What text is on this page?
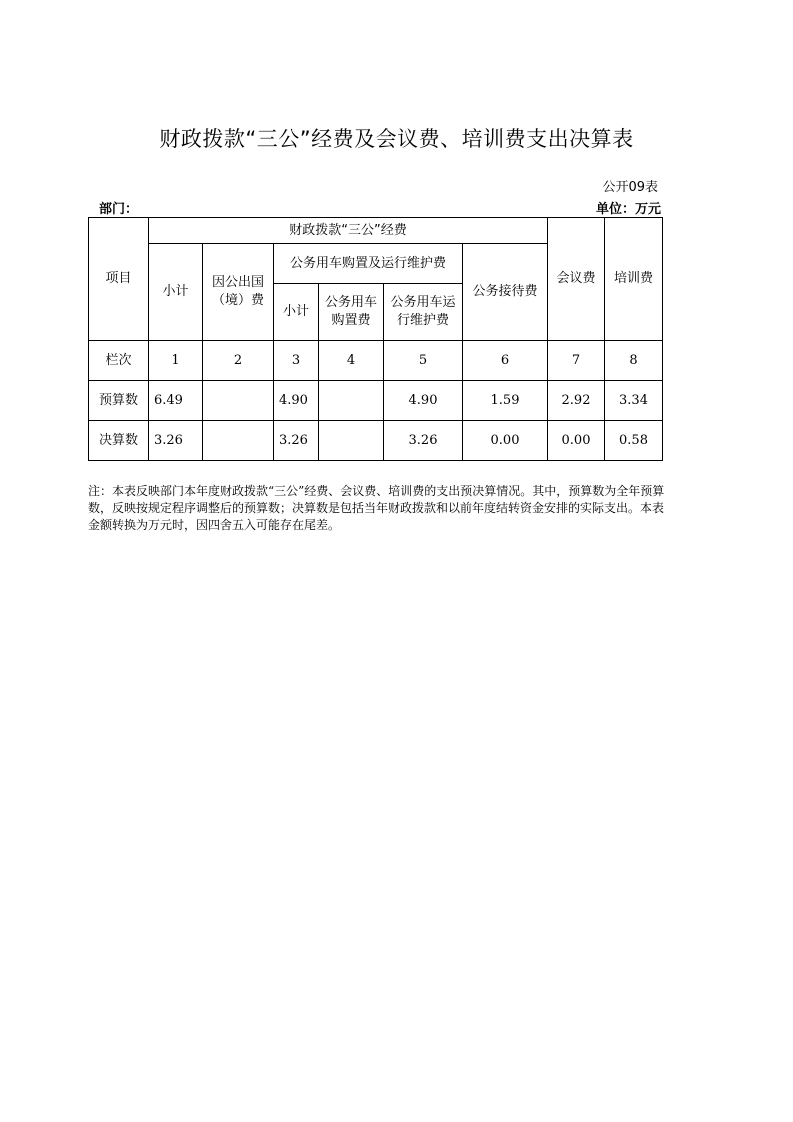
财政拨款“三公”经费及会议费、培训费支出决算表
公开09表
部门：	单位：万元
项目	财政拨款“三公”经费						会议费	培训费
	小计	因公出国（境）费	公务用车购置及运行维护费			公务接待费		
			小计	公务用车购置费	公务用车运行维护费			
栏次	1	2	3	4	5	6	7	8
预算数	6.49		4.90		4.90	1.59	2.92	3.34
决算数	3.26		3.26		3.26	0.00	0.00	0.58
注：本表反映部门本年度财政拨款“三公”经费、会议费、培训费的支出预决算情况。其中，预算数为全年预算数，反映按规定程序调整后的预算数；决算数是包括当年财政拨款和以前年度结转资金安排的实际支出。本表金额转换为万元时，因四舍五入可能存在尾差。
